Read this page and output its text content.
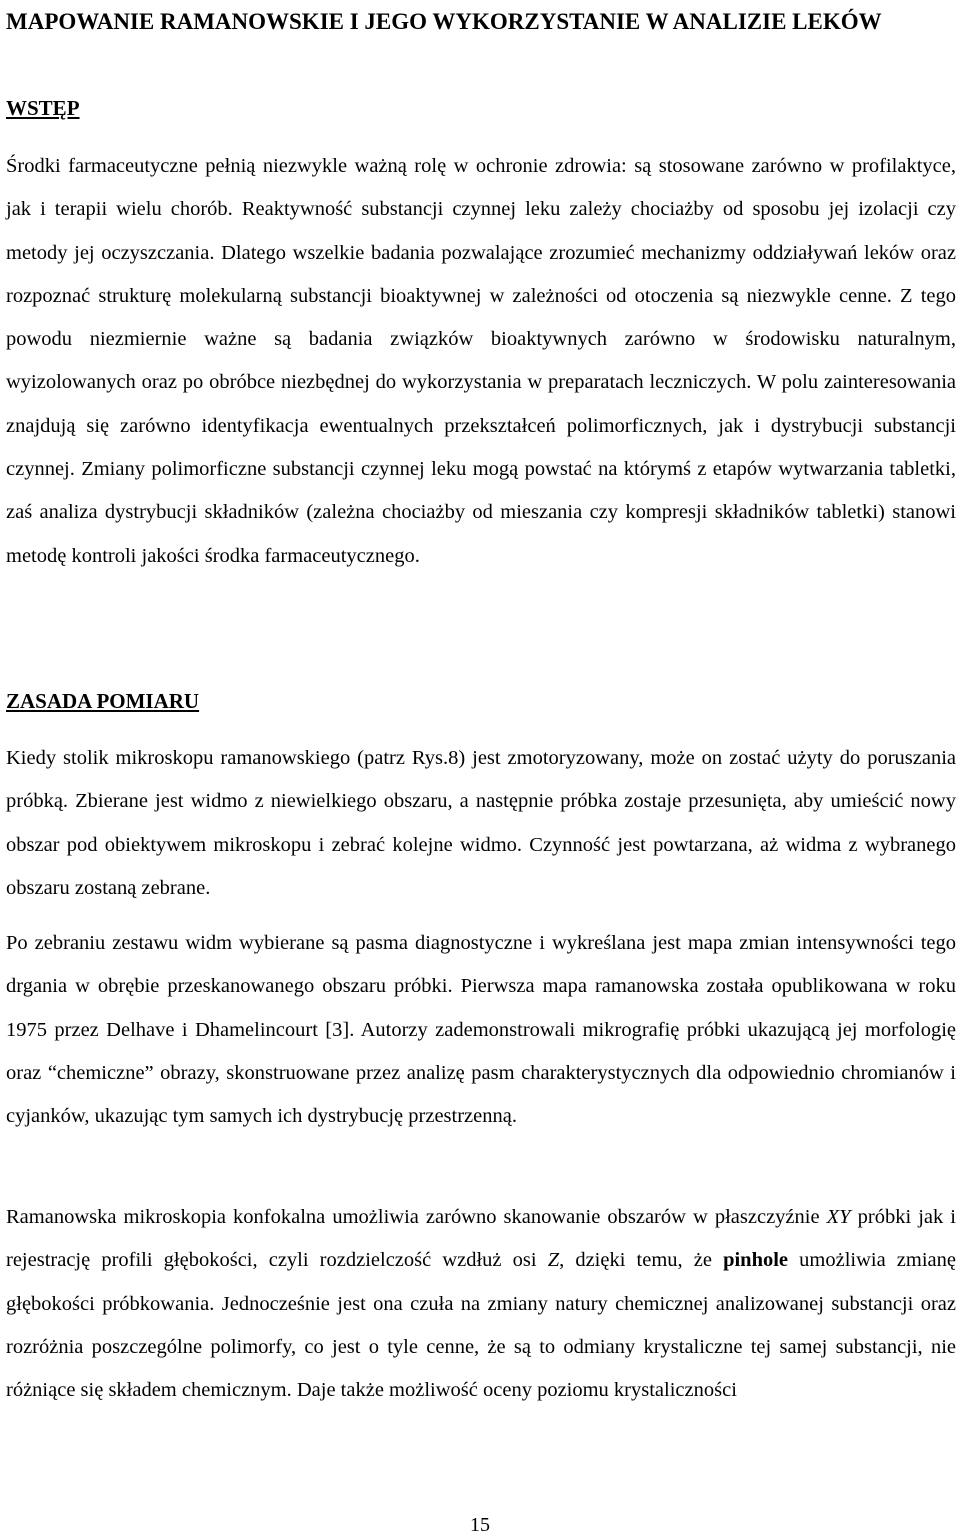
MAPOWANIE RAMANOWSKIE I JEGO WYKORZYSTANIE W ANALIZIE LEKÓW
WSTĘP

Środki farmaceutyczne pełnią niezwykle ważną rolę w ochronie zdrowia: są stosowane zarówno w profilaktyce, jak i terapii wielu chorób. Reaktywność substancji czynnej leku zależy chociażby od sposobu jej izolacji czy metody jej oczyszczania. Dlatego wszelkie badania pozwalające zrozumieć mechanizmy oddziaływań leków oraz rozpoznać strukturę molekularną substancji bioaktywnej w zależności od otoczenia są niezwykle cenne. Z tego powodu niezmiernie ważne są badania związków bioaktywnych zarówno w środowisku naturalnym, wyizolowanych oraz po obróbce niezbędnej do wykorzystania w preparatach leczniczych. W polu zainteresowania znajdują się zarówno identyfikacja ewentualnych przekształceń polimorficznych, jak i dystrybucji substancji czynnej. Zmiany polimorficzne substancji czynnej leku mogą powstać na którymś z etapów wytwarzania tabletki, zaś analiza dystrybucji składników (zależna chociażby od mieszania czy kompresji składników tabletki) stanowi metodę kontroli jakości środka farmaceutycznego.

ZASADA POMIARU

Kiedy stolik mikroskopu ramanowskiego (patrz Rys.8) jest zmotoryzowany, może on zostać użyty do poruszania próbką. Zbierane jest widmo z niewielkiego obszaru, a następnie próbka zostaje przesunięta, aby umieścić nowy obszar pod obiektywem mikroskopu i zebrać kolejne widmo. Czynność jest powtarzana, aż widma z wybranego obszaru zostaną zebrane.

Po zebraniu zestawu widm wybierane są pasma diagnostyczne i wykreślana jest mapa zmian intensywności tego drgania w obrębie przeskanowanego obszaru próbki. Pierwsza mapa ramanowska została opublikowana w roku 1975 przez Delhave i Dhamelincourt [3]. Autorzy zademonstrowali mikrografię próbki ukazującą jej morfologię oraz “chemiczne” obrazy, skonstruowane przez analizę pasm charakterystycznych dla odpowiednio chromianów i cyjanków, ukazując tym samych ich dystrybucję przestrzenną.

Ramanowska mikroskopia konfokalna umożliwia zarówno skanowanie obszarów w płaszczyźnie XY próbki jak i rejestrację profili głębokości, czyli rozdzielczość wzdłuż osi Z, dzięki temu, że pinhole umożliwia zmianę głębokości próbkowania. Jednocześnie jest ona czuła na zmiany natury chemicznej analizowanej substancji oraz rozróżnia poszczególne polimorfy, co jest o tyle cenne, że są to odmiany krystaliczne tej samej substancji, nie różniące się składem chemicznym. Daje także możliwość oceny poziomu krystaliczności

15
